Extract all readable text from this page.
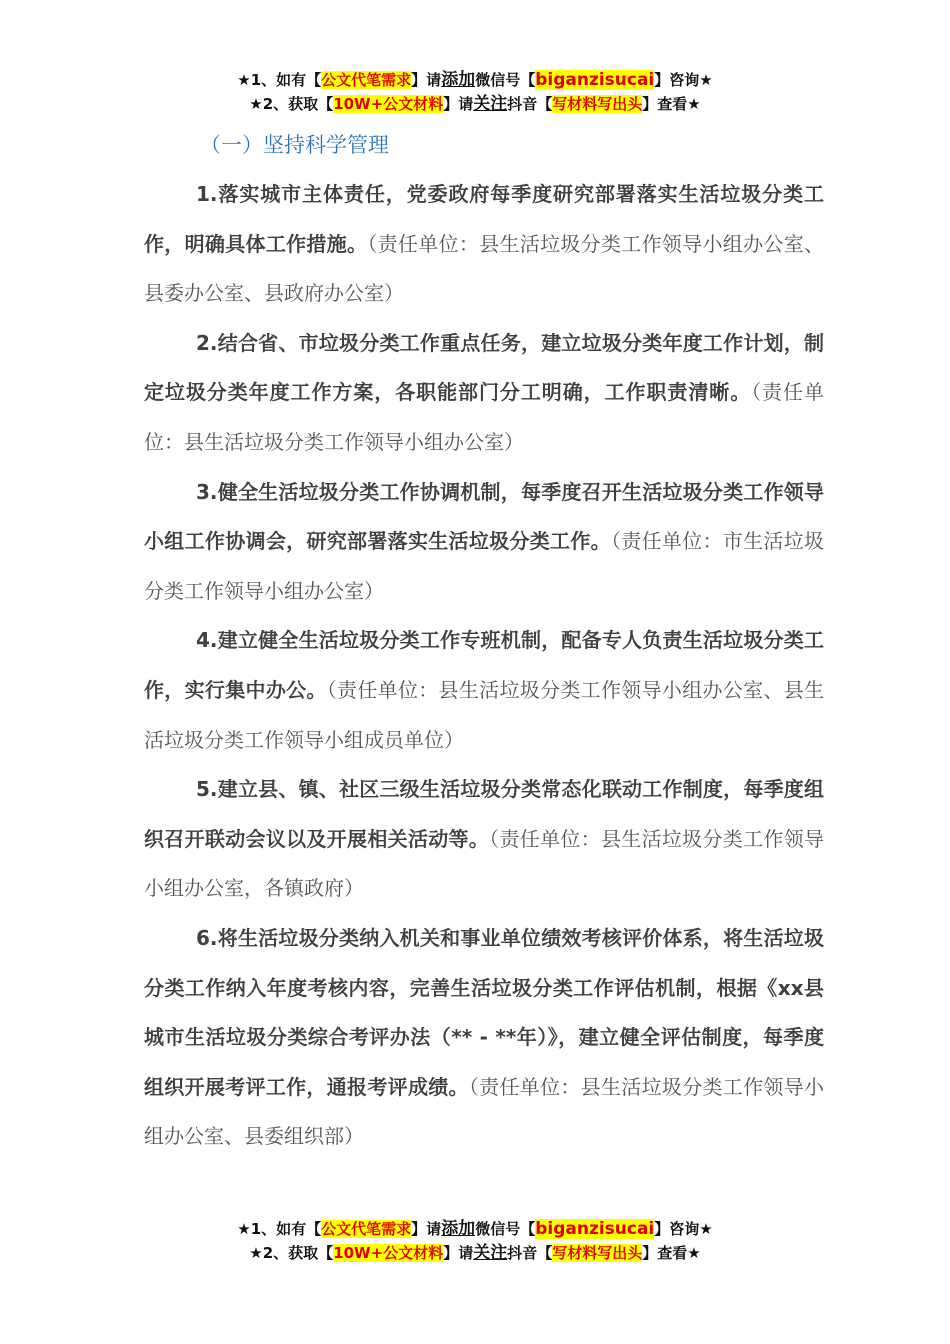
★1、如有【公文代笔需求】请添加微信号【biganzisucai】咨询★
★2、获取【10W+公文材料】请关注抖音【写材料写出头】查看★
（一）坚持科学管理

1.落实城市主体责任，党委政府每季度研究部署落实生活垃圾分类工作，明确具体工作措施。（责任单位：县生活垃圾分类工作领导小组办公室、县委办公室、县政府办公室）

2.结合省、市垃圾分类工作重点任务，建立垃圾分类年度工作计划，制定垃圾分类年度工作方案，各职能部门分工明确，工作职责清晰。（责任单位：县生活垃圾分类工作领导小组办公室）

3.健全生活垃圾分类工作协调机制，每季度召开生活垃圾分类工作领导小组工作协调会，研究部署落实生活垃圾分类工作。（责任单位：市生活垃圾分类工作领导小组办公室）

4.建立健全生活垃圾分类工作专班机制，配备专人负责生活垃圾分类工作，实行集中办公。（责任单位：县生活垃圾分类工作领导小组办公室、县生活垃圾分类工作领导小组成员单位）

5.建立县、镇、社区三级生活垃圾分类常态化联动工作制度，每季度组织召开联动会议以及开展相关活动等。（责任单位：县生活垃圾分类工作领导小组办公室，各镇政府）

6.将生活垃圾分类纳入机关和事业单位绩效考核评价体系，将生活垃圾分类工作纳入年度考核内容，完善生活垃圾分类工作评估机制，根据《xx县城市生活垃圾分类综合考评办法（** - **年）》，建立健全评估制度，每季度组织开展考评工作，通报考评成绩。（责任单位：县生活垃圾分类工作领导小组办公室、县委组织部）

★1、如有【公文代笔需求】请添加微信号【biganzisucai】咨询★
★2、获取【10W+公文材料】请关注抖音【写材料写出头】查看★
